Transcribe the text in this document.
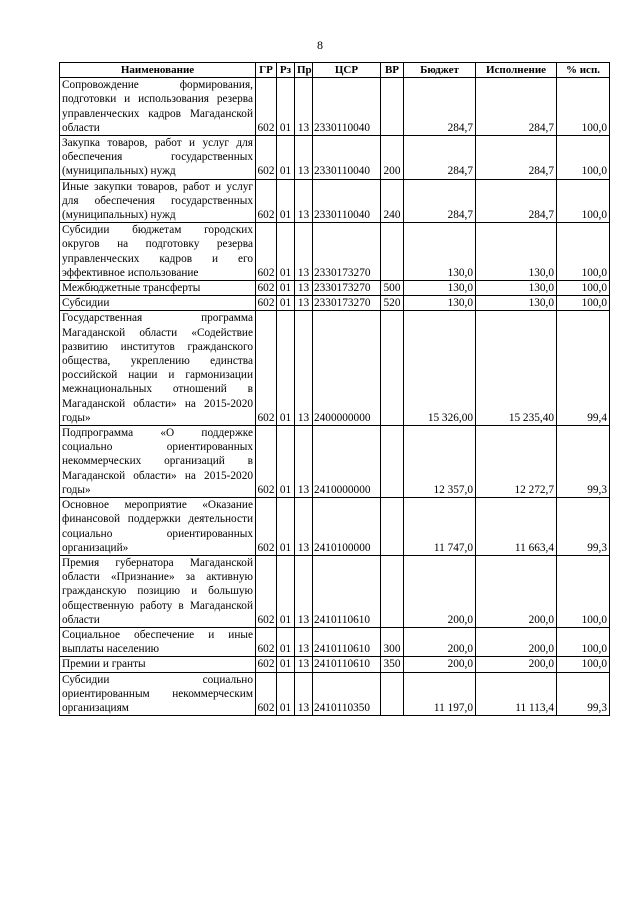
8
Наименование	ГР	Рз	Пр	ЦСР	ВР	Бюджет	Исполнение	% исп.
Сопровождение формирования, подготовки и использования резерва управленческих кадров Магаданской области	602	01	13	2330110040		284,7	284,7	100,0
Закупка товаров, работ и услуг для обеспечения государственных (муниципальных) нужд	602	01	13	2330110040	200	284,7	284,7	100,0
Иные закупки товаров, работ и услуг для обеспечения государственных (муниципальных) нужд	602	01	13	2330110040	240	284,7	284,7	100,0
Субсидии бюджетам городских округов на подготовку резерва управленческих кадров и его эффективное использование	602	01	13	2330173270		130,0	130,0	100,0
Межбюджетные трансферты	602	01	13	2330173270	500	130,0	130,0	100,0
Субсидии	602	01	13	2330173270	520	130,0	130,0	100,0
Государственная программа Магаданской области «Содействие развитию институтов гражданского общества, укреплению единства российской нации и гармонизации межнациональных отношений в Магаданской области» на 2015-2020 годы»	602	01	13	2400000000		15 326,00	15 235,40	99,4
Подпрограмма «О поддержке социально ориентированных некоммерческих организаций в Магаданской области» на 2015-2020 годы»	602	01	13	2410000000		12 357,0	12 272,7	99,3
Основное мероприятие «Оказание финансовой поддержки деятельности социально ориентированных организаций»	602	01	13	2410100000		11 747,0	11 663,4	99,3
Премия губернатора Магаданской области «Признание» за активную гражданскую позицию и большую общественную работу в Магаданской области	602	01	13	2410110610		200,0	200,0	100,0
Социальное обеспечение и иные выплаты населению	602	01	13	2410110610	300	200,0	200,0	100,0
Премии и гранты	602	01	13	2410110610	350	200,0	200,0	100,0
Субсидии социально ориентированным некоммерческим организациям	602	01	13	2410110350		11 197,0	11 113,4	99,3
